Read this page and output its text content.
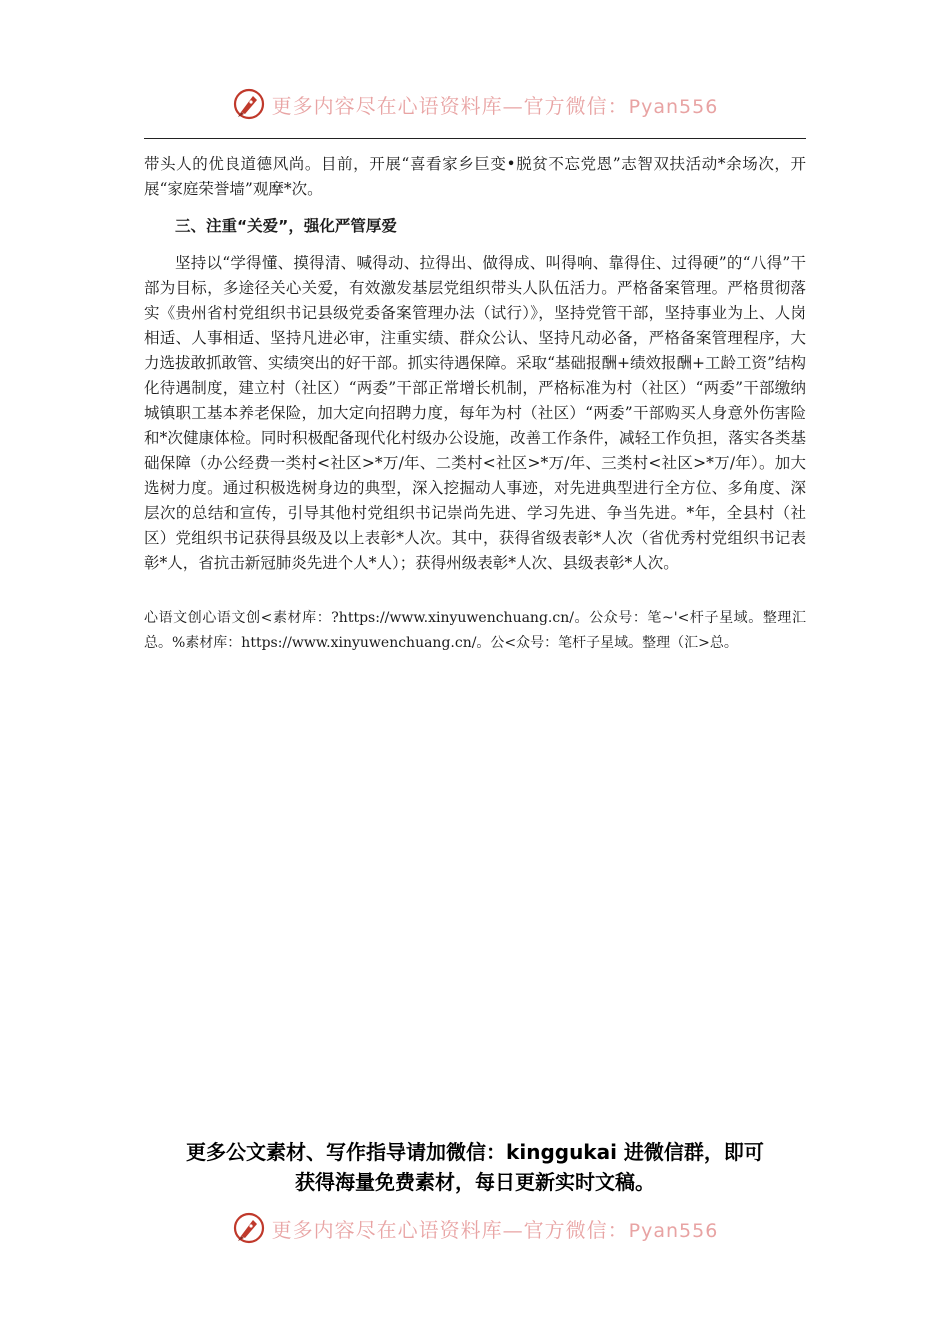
更多内容尽在心语资料库—官方微信：Pyan556

带头人的优良道德风尚。目前，开展“喜看家乡巨变•脱贫不忘党恩”志智双扶活动*余场次，开展“家庭荣誉墙”观摩*次。

三、注重“关爱”，强化严管厚爱

坚持以“学得懂、摸得清、喊得动、拉得出、做得成、叫得响、靠得住、过得硬”的“八得”干部为目标，多途径关心关爱，有效激发基层党组织带头人队伍活力。严格备案管理。严格贯彻落实《贵州省村党组织书记县级党委备案管理办法（试行）》，坚持党管干部，坚持事业为上、人岗相适、人事相适、坚持凡进必审，注重实绩、群众公认、坚持凡动必备，严格备案管理程序，大力选拔敢抓敢管、实绩突出的好干部。抓实待遇保障。采取“基础报酬+绩效报酬+工龄工资”结构化待遇制度，建立村（社区）“两委”干部正常增长机制，严格标准为村（社区）“两委”干部缴纳城镇职工基本养老保险，加大定向招聘力度，每年为村（社区）“两委”干部购买人身意外伤害险和*次健康体检。同时积极配备现代化村级办公设施，改善工作条件，减轻工作负担，落实各类基础保障（办公经费一类村<社区>*万/年、二类村<社区>*万/年、三类村<社区>*万/年）。加大选树力度。通过积极选树身边的典型，深入挖掘动人事迹，对先进典型进行全方位、多角度、深层次的总结和宣传，引导其他村党组织书记崇尚先进、学习先进、争当先进。*年，全县村（社区）党组织书记获得县级及以上表彰*人次。其中，获得省级表彰*人次（省优秀村党组织书记表彰*人，省抗击新冠肺炎先进个人*人）；获得州级表彰*人次、县级表彰*人次。

心语文创心语文创<素材库：?https://www.xinyuwenchuang.cn/。公众号：笔~'<杆子星域。整理汇总。%素材库：https://www.xinyuwenchuang.cn/。公<众号：笔杆子星域。整理（汇>总。
更多公文素材、写作指导请加微信：kinggukai 进微信群，即可
获得海量免费素材，每日更新实时文稿。
更多内容尽在心语资料库—官方微信：Pyan556
